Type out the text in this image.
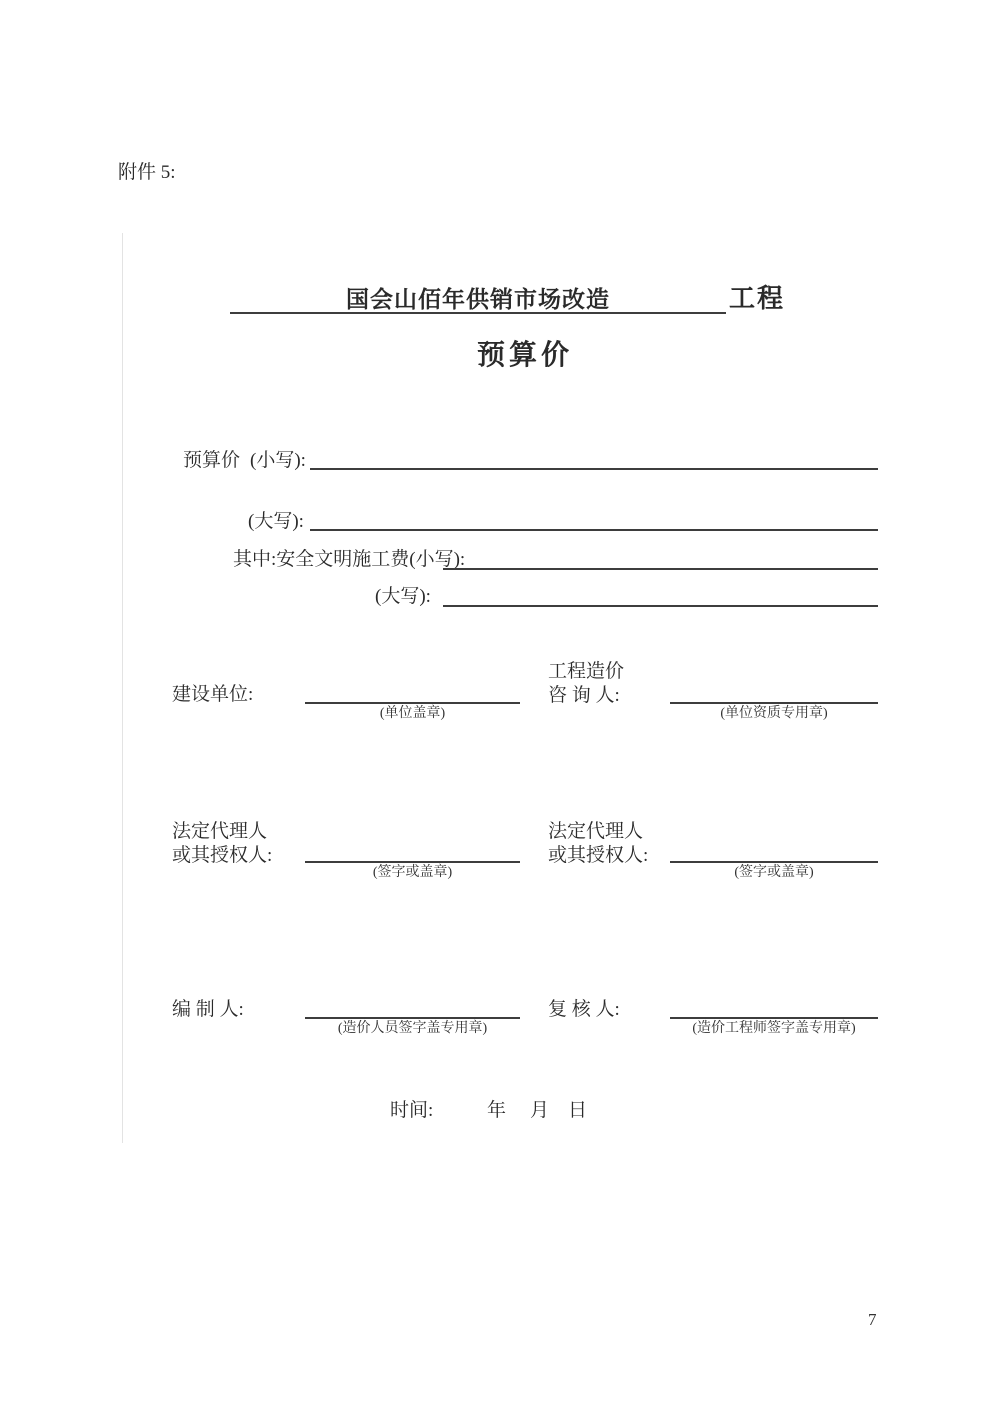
附件 5:
国会山佰年供销市场改造	工程
预算价
预算价 (小写):
(大写):
其中:安全文明施工费(小写):
(大写):
建设单位:
(单位盖章)
工程造价
咨 询 人:
(单位资质专用章)
法定代理人
或其授权人:
(签字或盖章)
法定代理人
或其授权人:
(签字或盖章)
编 制 人:
(造价人员签字盖专用章)
复 核 人:
(造价工程师签字盖专用章)
时间:	年 月 日
7
